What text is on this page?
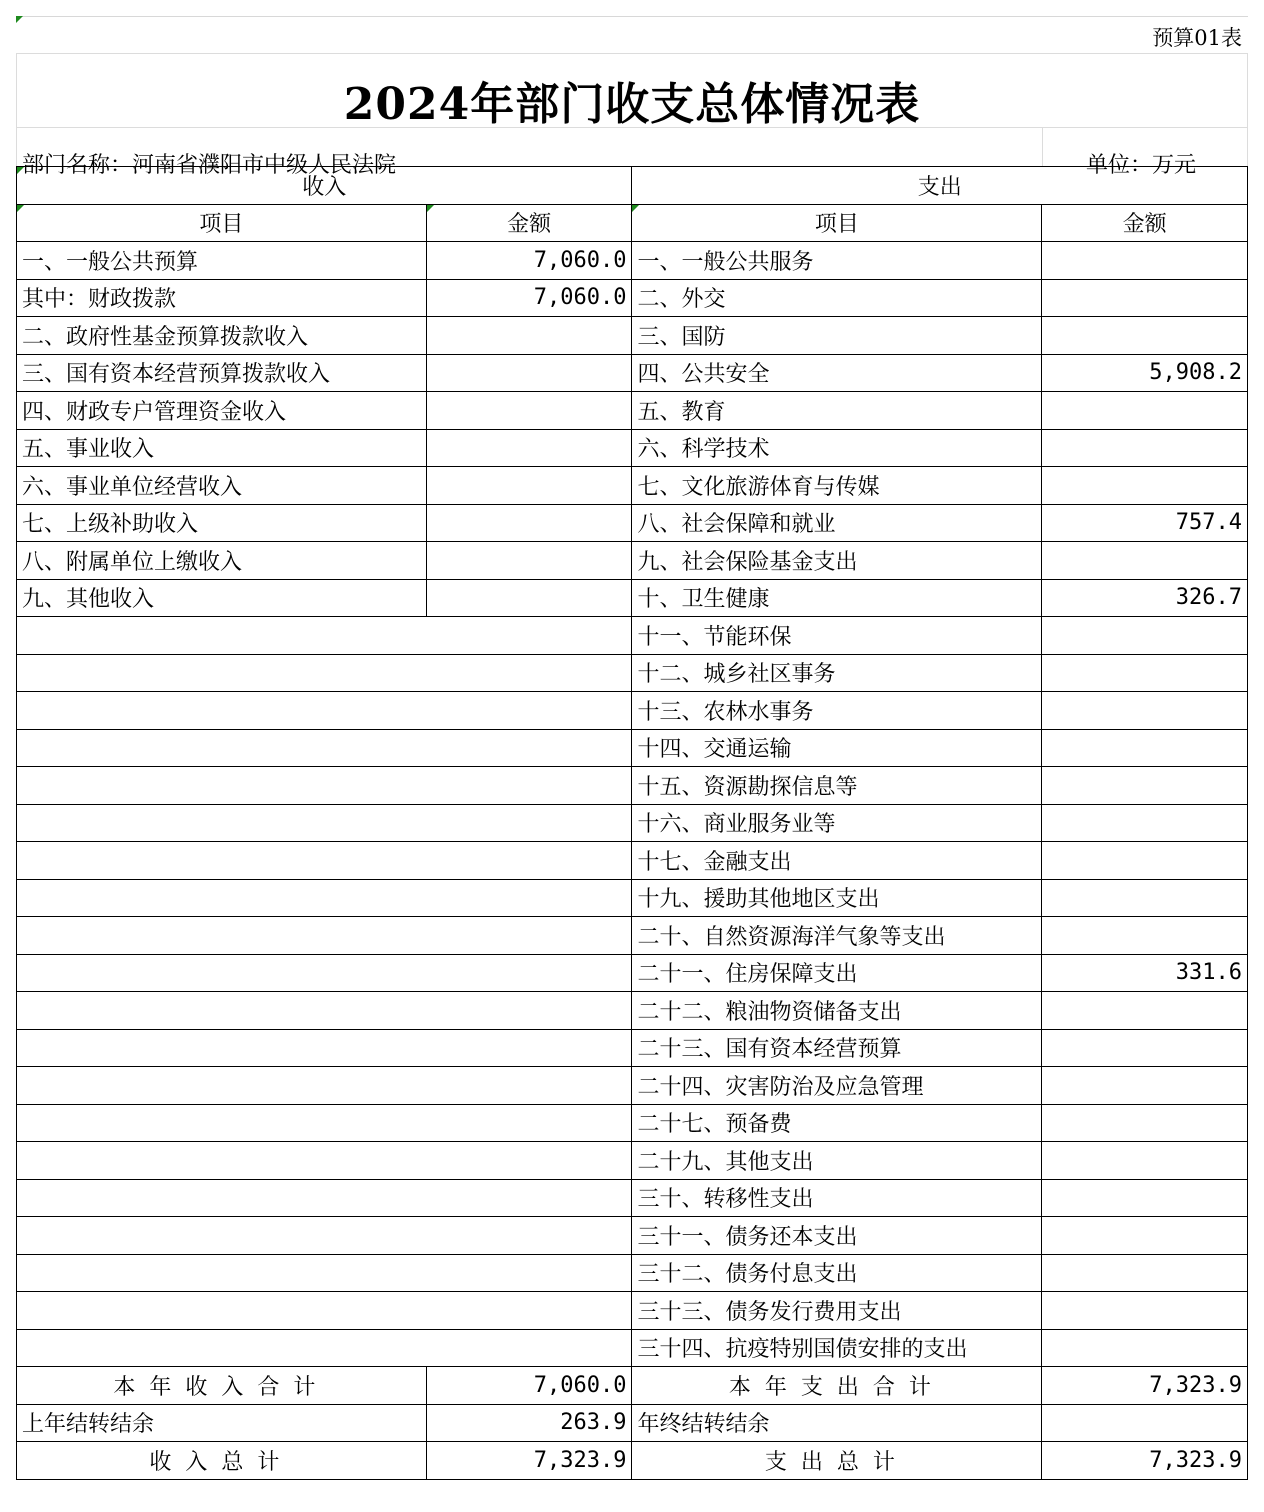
预算01表
2024年部门收支总体情况表
部门名称：河南省濮阳市中级人民法院	单位：万元
收入		支出	

项目	金额	项目	金额
一、一般公共预算	7,060.0	一、一般公共服务	
其中：财政拨款	7,060.0	二、外交	
二、政府性基金预算拨款收入		三、国防	
三、国有资本经营预算拨款收入		四、公共安全	5,908.2
四、财政专户管理资金收入		五、教育	
五、事业收入		六、科学技术	
六、事业单位经营收入		七、文化旅游体育与传媒	
七、上级补助收入		八、社会保障和就业	757.4
八、附属单位上缴收入		九、社会保险基金支出	
九、其他收入		十、卫生健康	326.7
		十一、节能环保	
		十二、城乡社区事务	
		十三、农林水事务	
		十四、交通运输	
		十五、资源勘探信息等	
		十六、商业服务业等	
		十七、金融支出	
		十九、援助其他地区支出	
		二十、自然资源海洋气象等支出	
		二十一、住房保障支出	331.6
		二十二、粮油物资储备支出	
		二十三、国有资本经营预算	
		二十四、灾害防治及应急管理	
		二十七、预备费	
		二十九、其他支出	
		三十、转移性支出	
		三十一、债务还本支出	
		三十二、债务付息支出	
		三十三、债务发行费用支出	
		三十四、抗疫特别国债安排的支出	
本年收入合计	7,060.0	本年支出合计	7,323.9
上年结转结余	263.9	年终结转结余	
收入总计	7,323.9	支出总计	7,323.9
